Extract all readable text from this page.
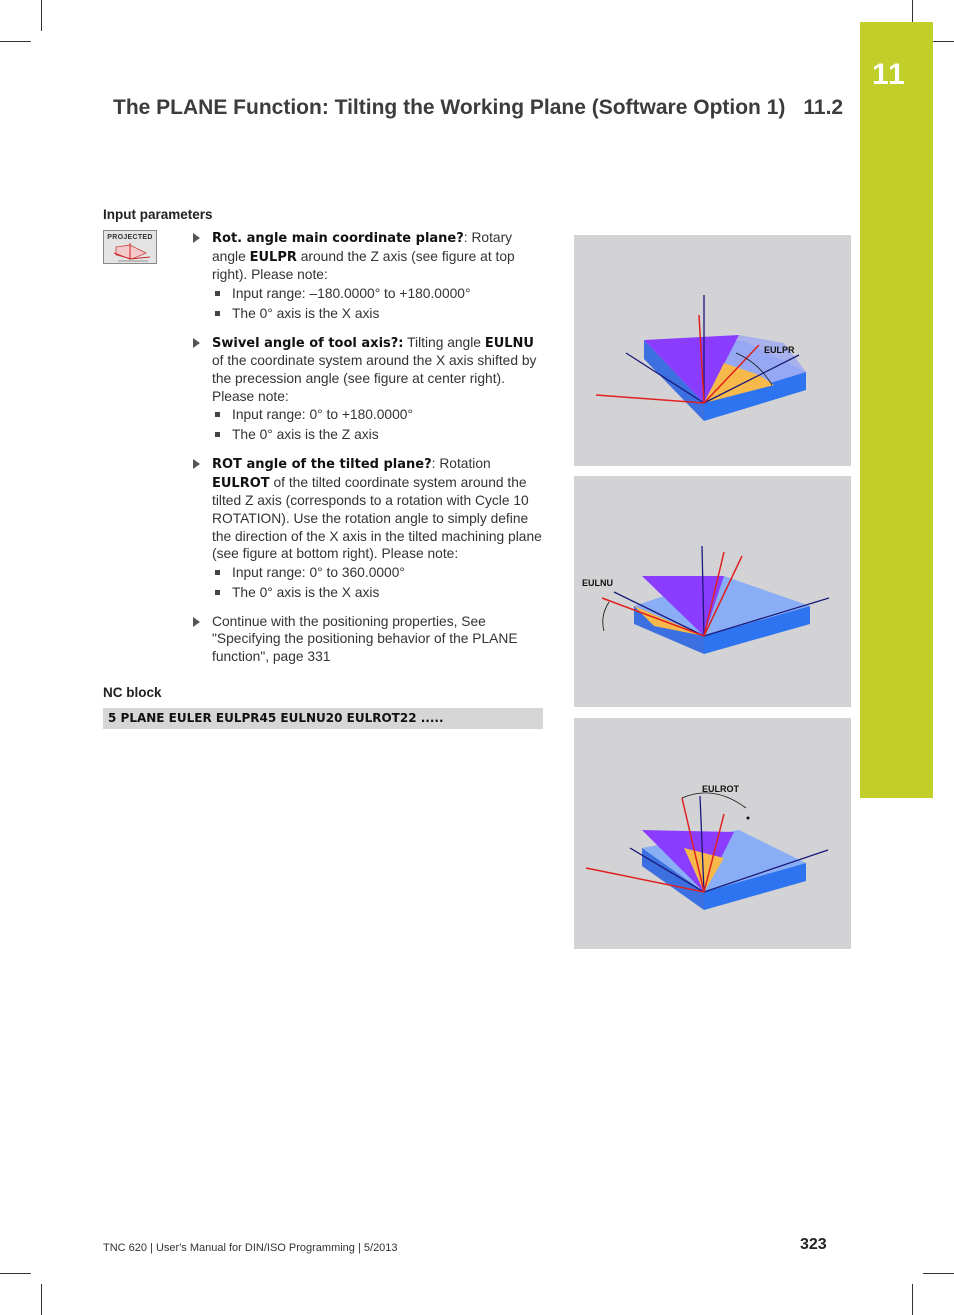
11
The PLANE Function: Tilting the Working Plane (Software Option 1) 11.2
Input parameters
PROJECTED	Rot. angle main coordinate plane?: Rotary angle EULPR around the Z axis (see figure at top right). Please note:
Input range: –180.0000° to +180.0000°
The 0° axis is the X axis
Swivel angle of tool axis?: Tilting angle EULNU of the coordinate system around the X axis shifted by the precession angle (see figure at center right). Please note:
Input range: 0° to +180.0000°
The 0° axis is the Z axis
ROT angle of the tilted plane?: Rotation EULROT of the tilted coordinate system around the tilted Z axis (corresponds to a rotation with Cycle 10 ROTATION). Use the rotation angle to simply define the direction of the X axis in the tilted machining plane (see figure at bottom right). Please note:
Input range: 0° to 360.0000°
The 0° axis is the X axis
Continue with the positioning properties, See "Specifying the positioning behavior of the PLANE function", page 331
NC block
5 PLANE EULER EULPR45 EULNU20 EULROT22 .....
EULPR
EULNU
EULROT
TNC 620 | User's Manual for DIN/ISO Programming | 5/2013	323
